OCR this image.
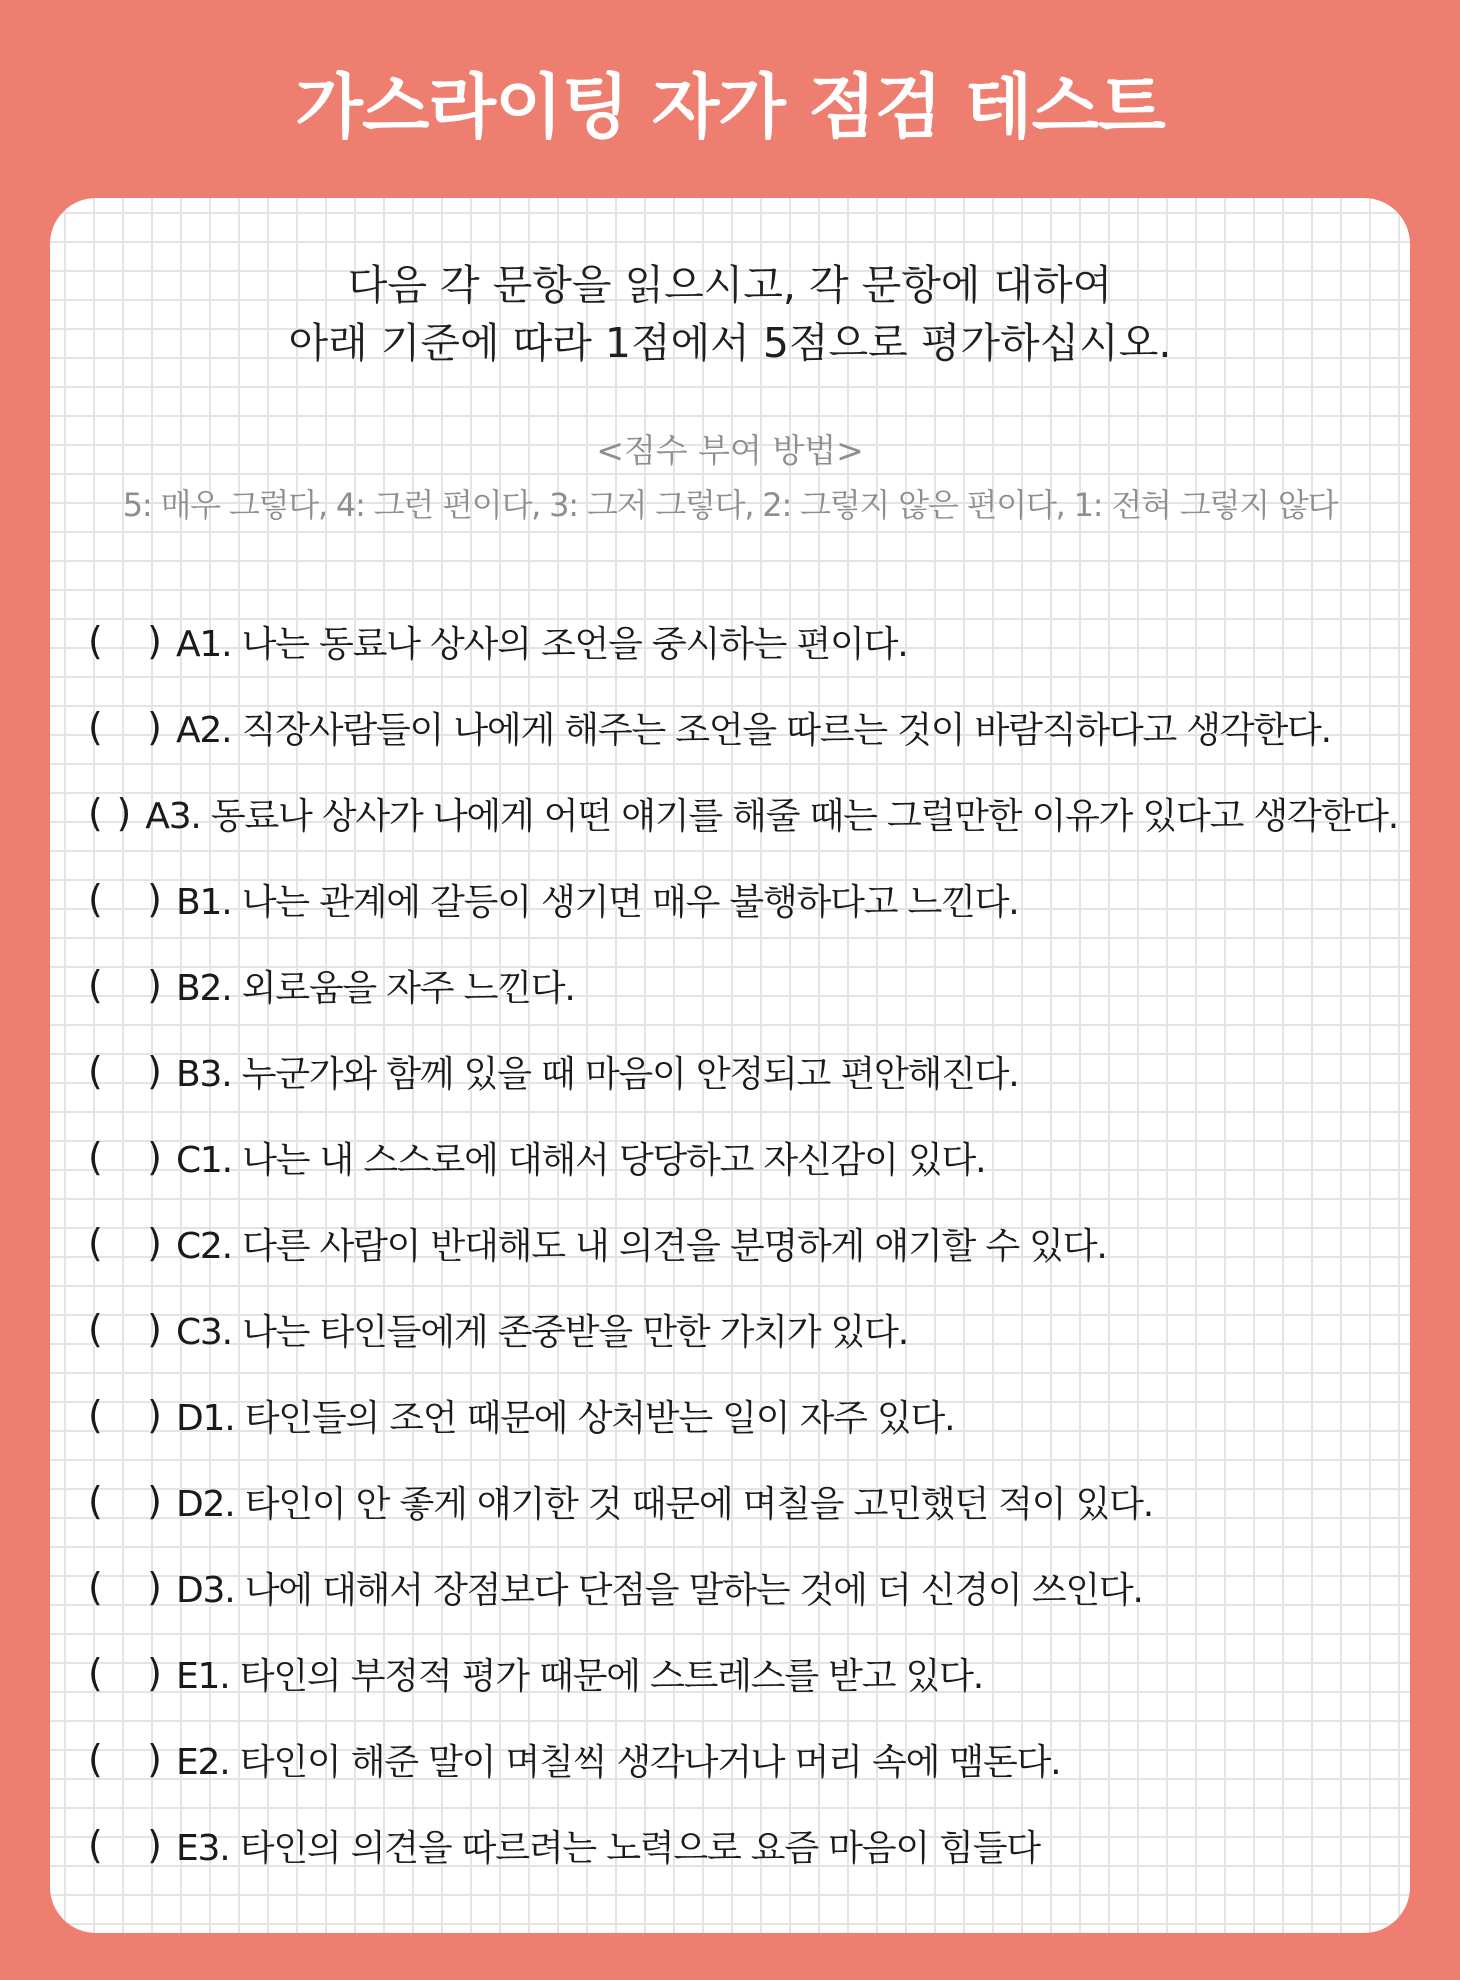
가스라이팅 자가 점검 테스트
다음 각 문항을 읽으시고, 각 문항에 대하여
아래 기준에 따라 1점에서 5점으로 평가하십시오.
<점수 부여 방법>
5: 매우 그렇다, 4: 그런 편이다, 3: 그저 그렇다, 2: 그렇지 않은 편이다, 1: 전혀 그렇지 않다
( ) A1. 나는 동료나 상사의 조언을 중시하는 편이다.
( ) A2. 직장사람들이 나에게 해주는 조언을 따르는 것이 바람직하다고 생각한다.
( ) A3. 동료나 상사가 나에게 어떤 얘기를 해줄 때는 그럴만한 이유가 있다고 생각한다.
( ) B1. 나는 관계에 갈등이 생기면 매우 불행하다고 느낀다.
( ) B2. 외로움을 자주 느낀다.
( ) B3. 누군가와 함께 있을 때 마음이 안정되고 편안해진다.
( ) C1. 나는 내 스스로에 대해서 당당하고 자신감이 있다.
( ) C2. 다른 사람이 반대해도 내 의견을 분명하게 얘기할 수 있다.
( ) C3. 나는 타인들에게 존중받을 만한 가치가 있다.
( ) D1. 타인들의 조언 때문에 상처받는 일이 자주 있다.
( ) D2. 타인이 안 좋게 얘기한 것 때문에 며칠을 고민했던 적이 있다.
( ) D3. 나에 대해서 장점보다 단점을 말하는 것에 더 신경이 쓰인다.
( ) E1. 타인의 부정적 평가 때문에 스트레스를 받고 있다.
( ) E2. 타인이 해준 말이 며칠씩 생각나거나 머리 속에 맴돈다.
( ) E3. 타인의 의견을 따르려는 노력으로 요즘 마음이 힘들다
